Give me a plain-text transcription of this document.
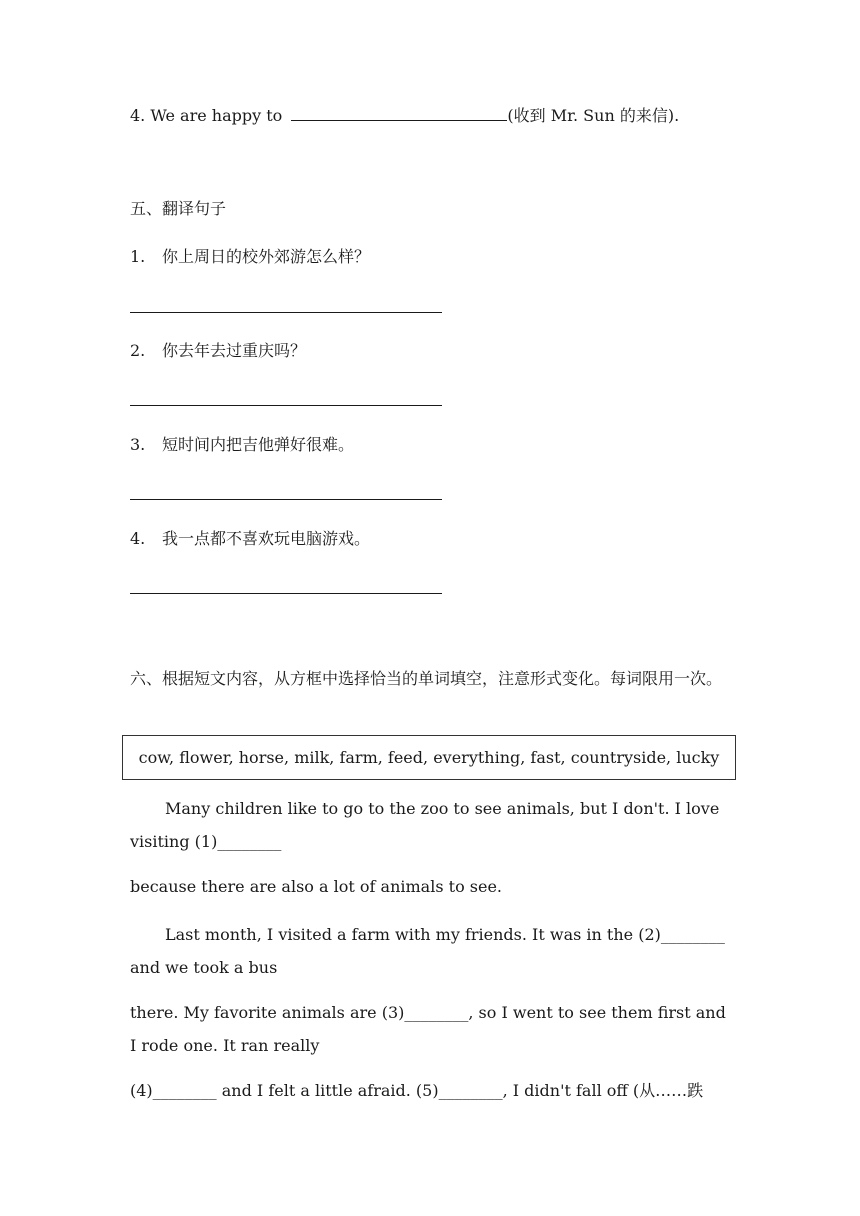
4. We are happy to	(收到 Mr. Sun 的来信).
五、翻译句子
1. 你上周日的校外郊游怎么样？
2. 你去年去过重庆吗？
3. 短时间内把吉他弹好很难。
4. 我一点都不喜欢玩电脑游戏。
六、根据短文内容，从方框中选择恰当的单词填空，注意形式变化。每词限用一次。
cow, flower, horse, milk, farm, feed, everything, fast, countryside, lucky
Many children like to go to the zoo to see animals, but I don't. I love visiting (1)________
because there are also a lot of animals to see.
Last month, I visited a farm with my friends. It was in the (2)________ and we took a bus
there. My favorite animals are (3)________, so I went to see them first and I rode one. It ran really
(4)________ and I felt a little afraid. (5)________, I didn't fall off (从……跌
